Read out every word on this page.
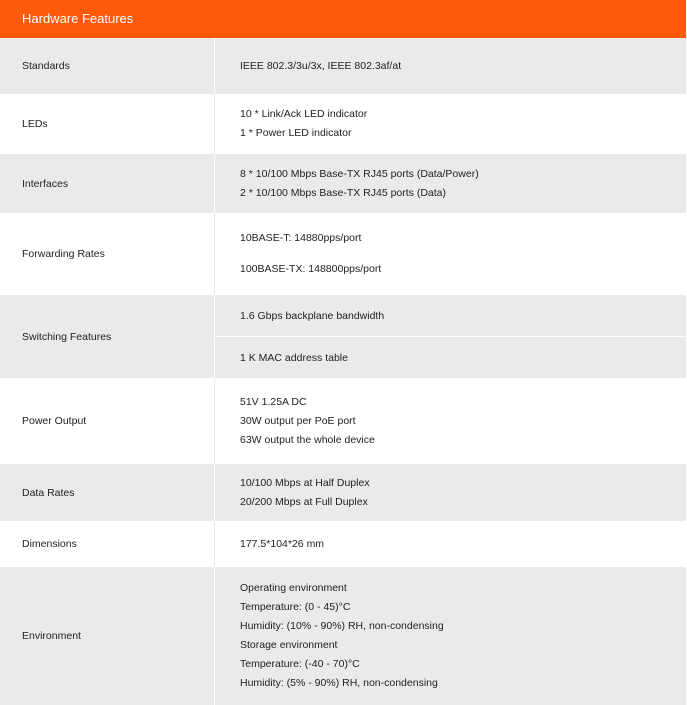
Hardware Features
Standards	IEEE 802.3/3u/3x, IEEE 802.3af/at
LEDs
10 * Link/Ack LED indicator
1 * Power LED indicator
Interfaces
8 * 10/100 Mbps Base-TX RJ45 ports (Data/Power)
2 * 10/100 Mbps Base-TX RJ45 ports (Data)
Forwarding Rates
10BASE-T: 14880pps/port
100BASE-TX: 148800pps/port
Switching Features
1.6 Gbps backplane bandwidth
1 K MAC address table
Power Output
51V 1.25A DC
30W output per PoE port
63W output the whole device
Data Rates
10/100 Mbps at Half Duplex
20/200 Mbps at Full Duplex
Dimensions	177.5*104*26 mm
Environment
Operating environment
Temperature: (0 - 45)°C
Humidity: (10% - 90%) RH, non-condensing
Storage environment
Temperature: (-40 - 70)°C
Humidity: (5% - 90%) RH, non-condensing
